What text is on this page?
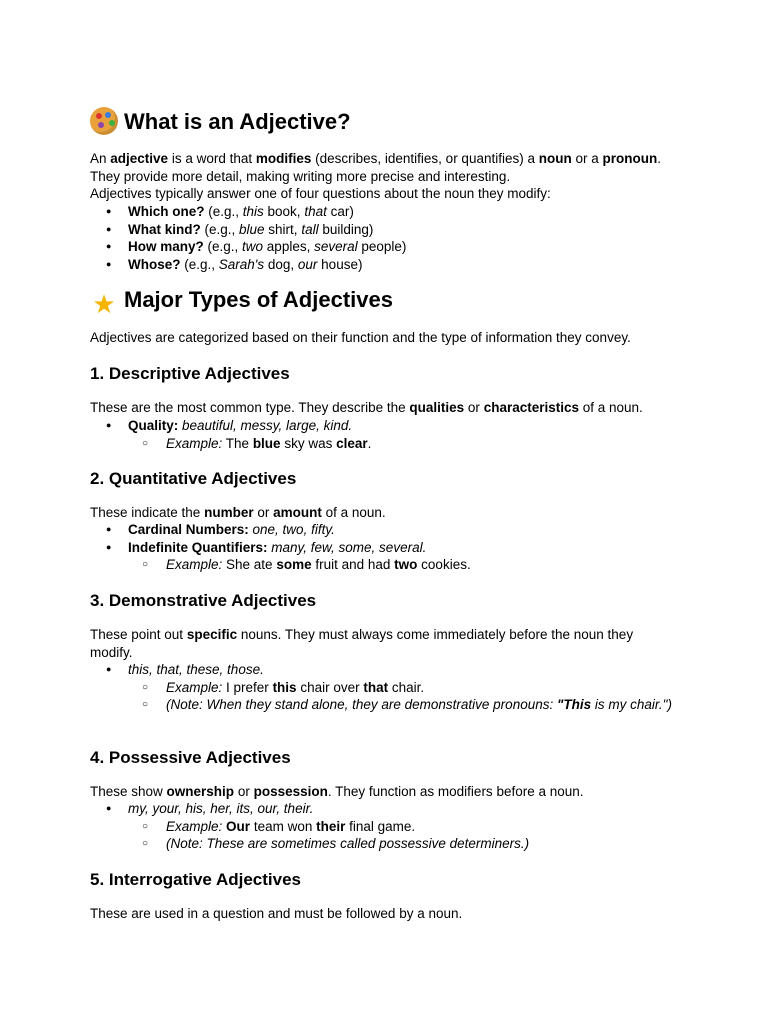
What is an Adjective?
An adjective is a word that modifies (describes, identifies, or quantifies) a noun or a pronoun.
They provide more detail, making writing more precise and interesting.
Adjectives typically answer one of four questions about the noun they modify:
● Which one? (e.g., this book, that car)
● What kind? (e.g., blue shirt, tall building)
● How many? (e.g., two apples, several people)
● Whose? (e.g., Sarah's dog, our house)
★ Major Types of Adjectives
Adjectives are categorized based on their function and the type of information they convey.
1. Descriptive Adjectives
These are the most common type. They describe the qualities or characteristics of a noun.
● Quality: beautiful, messy, large, kind.
○ Example: The blue sky was clear.
2. Quantitative Adjectives
These indicate the number or amount of a noun.
● Cardinal Numbers: one, two, fifty.
● Indefinite Quantifiers: many, few, some, several.
○ Example: She ate some fruit and had two cookies.
3. Demonstrative Adjectives
These point out specific nouns. They must always come immediately before the noun they modify.
● this, that, these, those.
○ Example: I prefer this chair over that chair.
○ (Note: When they stand alone, they are demonstrative pronouns: "This is my chair.")
4. Possessive Adjectives
These show ownership or possession. They function as modifiers before a noun.
● my, your, his, her, its, our, their.
○ Example: Our team won their final game.
○ (Note: These are sometimes called possessive determiners.)
5. Interrogative Adjectives
These are used in a question and must be followed by a noun.
